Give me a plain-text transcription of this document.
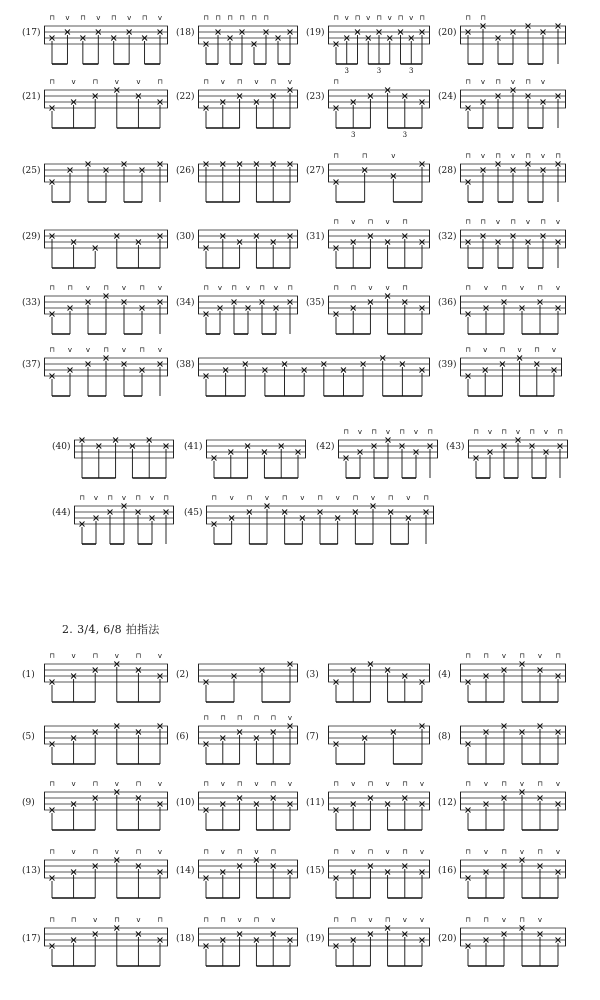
(17)
⊓ v ⊓ v ⊓ v ⊓ v
(18)
⊓ ⊓ ⊓ ⊓ ⊓ ⊓
(19)
⊓ v ⊓ v ⊓ v ⊓ v ⊓
3	3	3
(20)
⊓ ⊓
(21)
⊓ v ⊓ v v ⊓
(22)
⊓ v ⊓ v ⊓ v
(23)
⊓
3	3
(24)
⊓ v ⊓ v ⊓ v
(25)	(26)	(27)
⊓	⊓	v
(28)
⊓ v ⊓ v ⊓ v ⊓
(29)	(30)	(31)
⊓ v ⊓ v ⊓
(32)
⊓ ⊓ v ⊓ v ⊓ v
(33)
⊓ ⊓ v ⊓ v ⊓ v
(34)
⊓ v ⊓ v ⊓ v ⊓
(35)
⊓ ⊓ v v ⊓
(36)
⊓ v ⊓ v ⊓ v
(37)
⊓ v v ⊓ v ⊓ v
(38)	(39)
⊓ v ⊓ v ⊓ v
(40)	(41)	(42)
⊓ v ⊓ v ⊓ v ⊓
(43)
⊓ v ⊓ v ⊓ v ⊓
(44)
⊓ v ⊓ v ⊓ v ⊓
(45)
⊓ v ⊓ v ⊓ v ⊓ v ⊓ v ⊓ v ⊓
2. 3/4, 6/8 拍指法
(1)
⊓ v ⊓ v ⊓ v
(2)	(3)	(4)
⊓ ⊓ v ⊓ v ⊓
(5)	(6)
⊓ ⊓ ⊓ ⊓ ⊓ v
(7)	(8)
(9)
⊓ v ⊓ v ⊓ v
(10)
⊓ v ⊓ v ⊓ v
(11)
⊓ v ⊓ v ⊓ v
(12)
⊓ v ⊓ v ⊓ v
(13)
⊓ v ⊓ v ⊓ v
(14)
⊓ v ⊓ v ⊓
(15)
⊓ v ⊓ v ⊓ v
(16)
⊓ v ⊓ v ⊓ v
(17)
⊓ ⊓ v ⊓ v ⊓
(18)
⊓ ⊓ v ⊓ v
(19)
⊓ ⊓ v ⊓ v v
(20)
⊓ ⊓ v ⊓ v
